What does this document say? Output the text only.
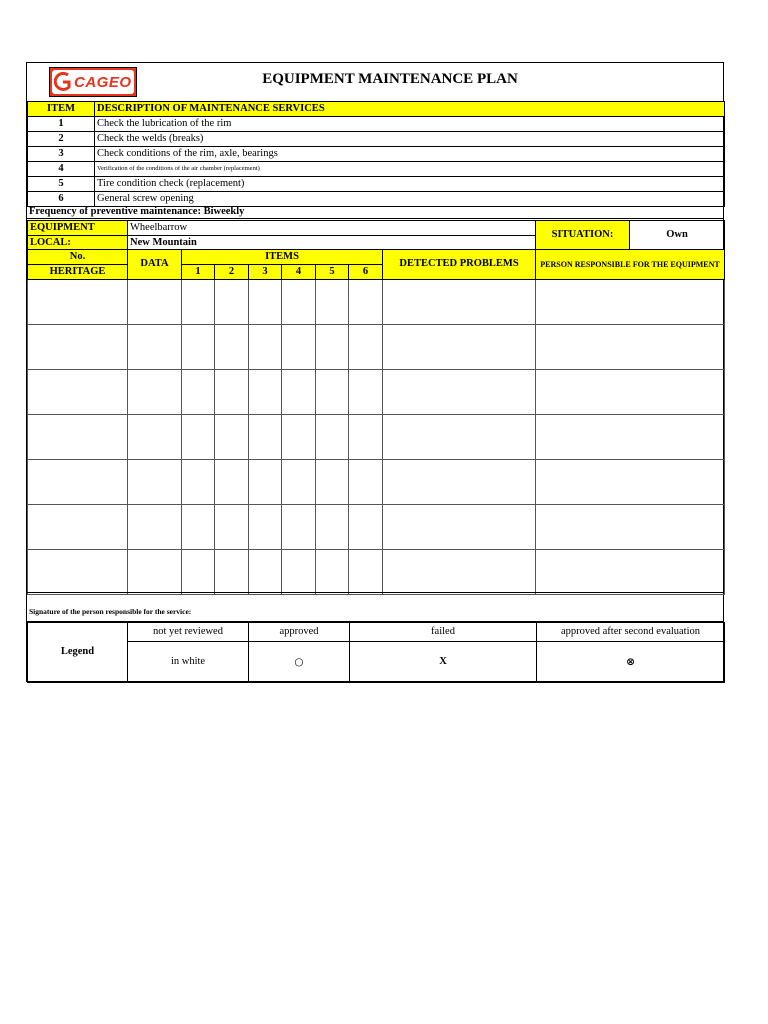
CAGEO	EQUIPMENT MAINTENANCE PLAN
ITEM	DESCRIPTION OF MAINTENANCE SERVICES
1	Check the lubrication of the rim
2	Check the welds (breaks)
3	Check conditions of the rim, axle, bearings
4	Verification of the conditions of the air chamber (replacement)
5	Tire condition check (replacement)
6	General screw opening
Frequency of preventive maintenance: Biweekly
EQUIPMENT	Wheelbarrow	SITUATION:	Own
LOCAL:	New Mountain		
No.	DATA	ITEMS						DETECTED PROBLEMS	PERSON RESPONSIBLE FOR THE EQUIPMENT
HERITAGE		1	2	3	4	5	6		

Signature of the person responsible for the service:
Legend	not yet reviewed	approved	failed	approved after second evaluation
	in white	○	X	⊗
